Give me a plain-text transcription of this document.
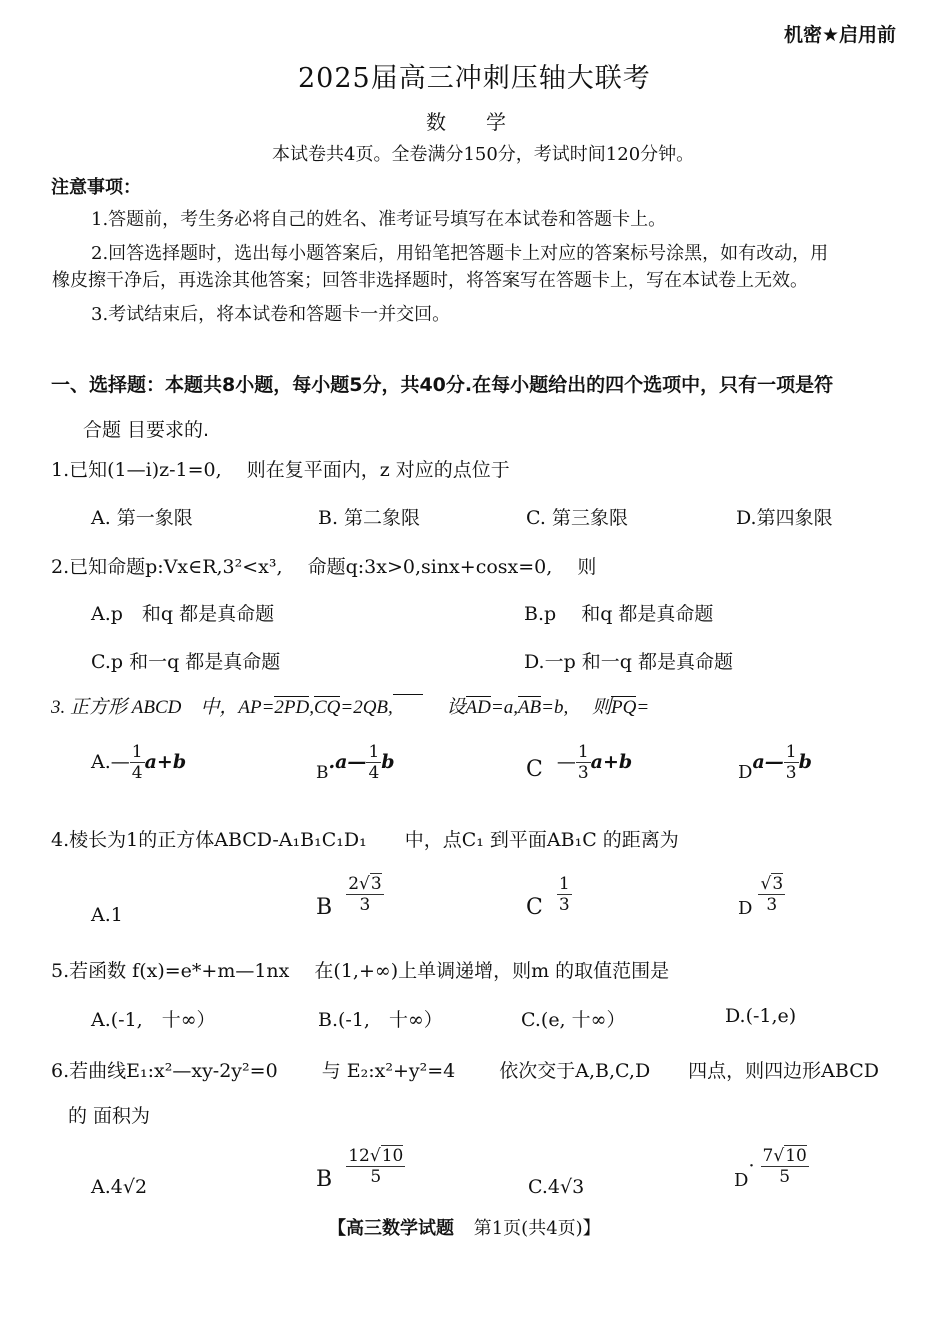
机密★启用前
2025届高三冲刺压轴大联考
数　　学
本试卷共4页。全卷满分150分，考试时间120分钟。
注意事项：
1.答题前，考生务必将自己的姓名、准考证号填写在本试卷和答题卡上。
2.回答选择题时，选出每小题答案后，用铅笔把答题卡上对应的答案标号涂黑，如有改动，用
橡皮擦干净后，再选涂其他答案；回答非选择题时，将答案写在答题卡上，写在本试卷上无效。
3.考试结束后，将本试卷和答题卡一并交回。
一、选择题：本题共8小题，每小题5分，共40分.在每小题给出的四个选项中，只有一项是符
合题 目要求的.
1.已知(1—i)z-1=0,　 则在复平面内，z 对应的点位于
A. 第一象限	B. 第二象限	C. 第三象限	D.第四象限
2.已知命题p:Vx∈R,3²<x³,　 命题q:3x>0,sinx+cosx=0,　 则
A.p　和q 都是真命题	B.p　 和q 都是真命题
C.p 和一q 都是真命题	D.一p 和一q 都是真命题
3. 正方形 ABCD　中，AP=2PD,CQ=2QB,　 设AD=a,AB=b,　 则PQ=
A.— $\frac{1}{4} a+b$	B.a— $\frac{1}{4}$ b	C — $\frac{1}{3} a+b$	Da— $\frac{1}{3}$ b
4.棱长为1的正方体ABCD-A₁B₁C₁D₁　　中，点C₁ 到平面AB₁C 的距离为
A.1	B $\frac{2√3}{3}$	C $\frac{1}{3}$	D $\frac{√3}{3}$
5.若函数 f(x)=e*+m—1nx　 在(1,+∞)上单调递增，则m 的取值范围是
A.(-1,　十∞）	B.(-1,　十∞）	C.(e, 十∞）	D.(-1,e)
6.若曲线E₁:x²—xy-2y²=0　　 与 E₂:x²+y²=4　　 依次交于A,B,C,D　　四点，则四边形ABCD
的 面积为
A.4√2	B $\frac{12√10}{5}$
C.4√3	$D\cdot \frac{7√10}{5}$
【高三数学试题 第1页(共4页)】
